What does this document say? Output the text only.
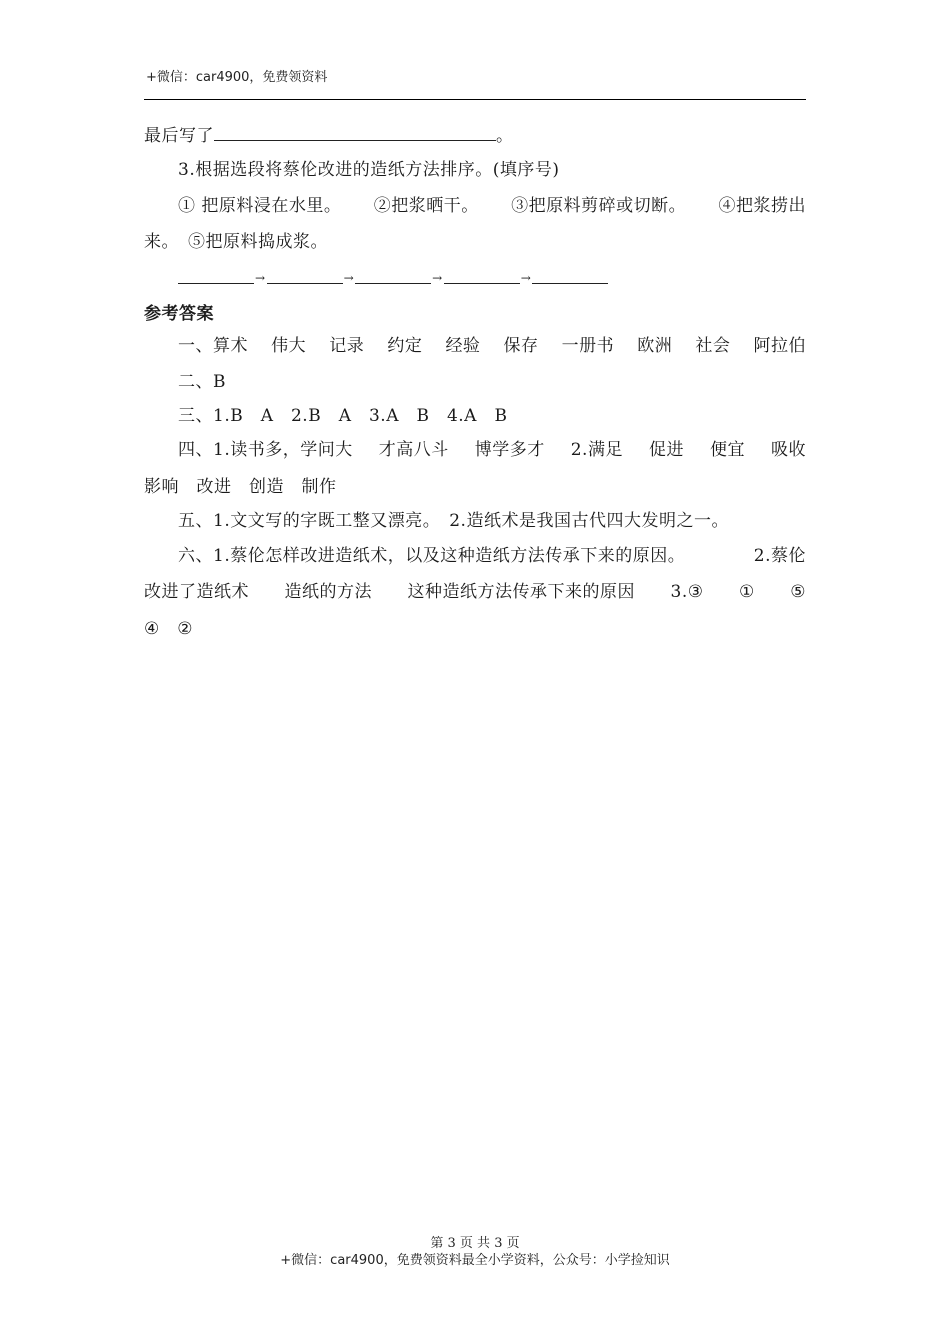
+微信：car4900，免费领资料
最后写了	。
3.根据选段将蔡伦改进的造纸方法排序。(填序号)
① 把原料浸在水里。 ②把浆晒干。 ③把原料剪碎或切断。 ④把浆捞出
来。　 ⑤把原料捣成浆。
→	→	→	→
参考答案
一、算术 伟大 记录 约定 经验 保存 一册书 欧洲 社会 阿拉伯
二、B
三、1.B　A　2.B　A　3.A　B　4.A　B
四、1.读书多，学问大 才高八斗 博学多才 2.满足 促进 便宜 吸收
影响　改进　创造　制作
五、1.文文写的字既工整又漂亮。　2.造纸术是我国古代四大发明之一。
六、1.蔡伦怎样改进造纸术，以及这种造纸方法传承下来的原因。	2.蔡伦
改进了造纸术 造纸的方法 这种造纸方法传承下来的原因 3.③ ① ⑤
④　②
第 3 页 共 3 页
+微信：car4900，免费领资料最全小学资料，公众号：小学捡知识
